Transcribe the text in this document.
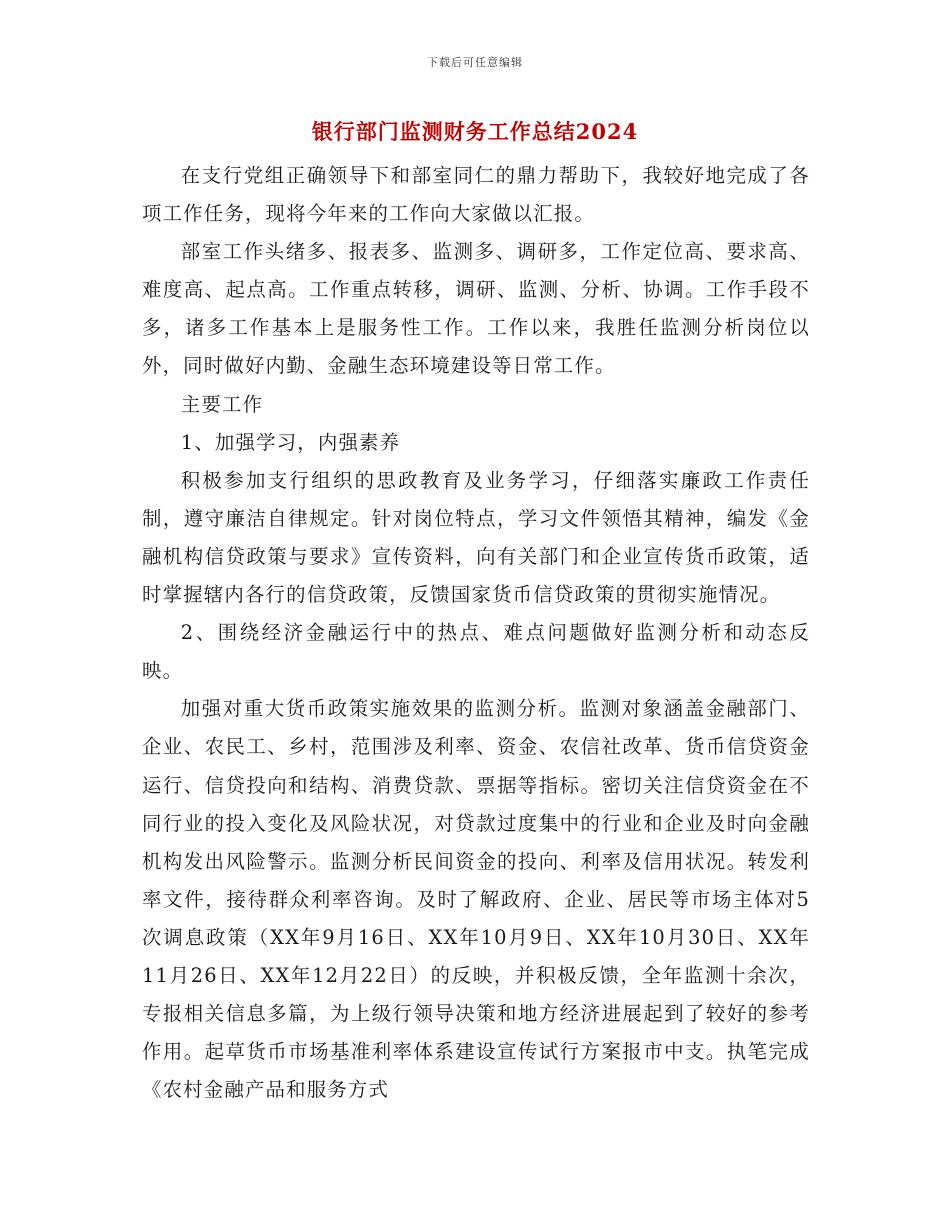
下载后可任意编辑
银行部门监测财务工作总结2024

在支行党组正确领导下和部室同仁的鼎力帮助下，我较好地完成了各项工作任务，现将今年来的工作向大家做以汇报。

部室工作头绪多、报表多、监测多、调研多，工作定位高、要求高、难度高、起点高。工作重点转移，调研、监测、分析、协调。工作手段不多，诸多工作基本上是服务性工作。工作以来，我胜任监测分析岗位以外，同时做好内勤、金融生态环境建设等日常工作。

主要工作

1、加强学习，内强素养

积极参加支行组织的思政教育及业务学习，仔细落实廉政工作责任制，遵守廉洁自律规定。针对岗位特点，学习文件领悟其精神，编发《金融机构信贷政策与要求》宣传资料，向有关部门和企业宣传货币政策，适时掌握辖内各行的信贷政策，反馈国家货币信贷政策的贯彻实施情况。

2、围绕经济金融运行中的热点、难点问题做好监测分析和动态反映。

加强对重大货币政策实施效果的监测分析。监测对象涵盖金融部门、企业、农民工、乡村，范围涉及利率、资金、农信社改革、货币信贷资金运行、信贷投向和结构、消费贷款、票据等指标。密切关注信贷资金在不同行业的投入变化及风险状况，对贷款过度集中的行业和企业及时向金融机构发出风险警示。监测分析民间资金的投向、利率及信用状况。转发利率文件，接待群众利率咨询。及时了解政府、企业、居民等市场主体对5次调息政策（XX年9月16日、XX年10月9日、XX年10月30日、XX年11月26日、XX年12月22日）的反映，并积极反馈，全年监测十余次，专报相关信息多篇，为上级行领导决策和地方经济进展起到了较好的参考作用。起草货币市场基准利率体系建设宣传试行方案报市中支。执笔完成《农村金融产品和服务方式
